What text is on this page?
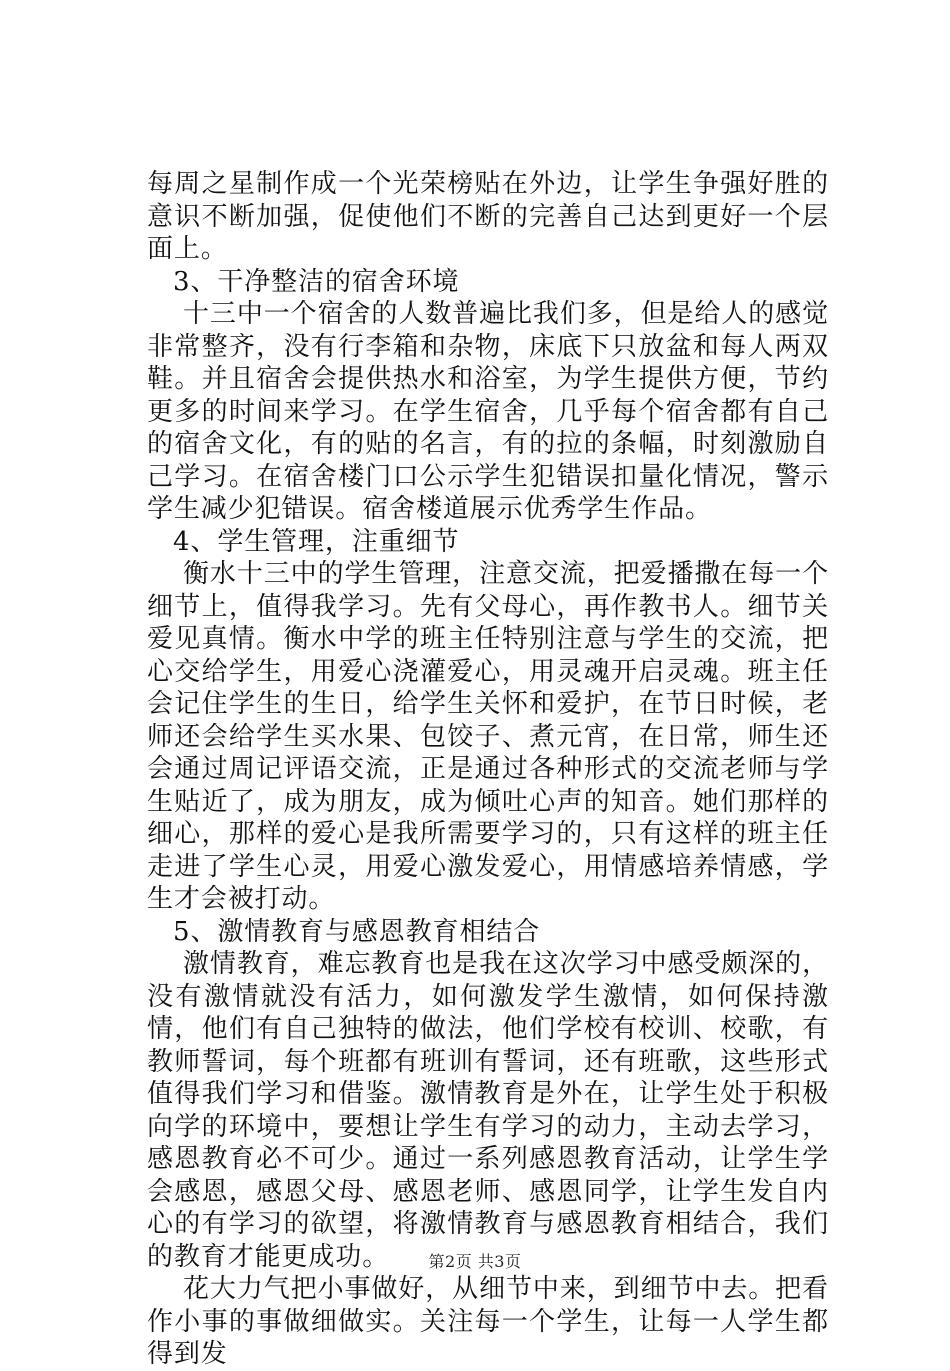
每周之星制作成一个光荣榜贴在外边，让学生争强好胜的意识不断加强，促使他们不断的完善自己达到更好一个层面上。

3、干净整洁的宿舍环境

十三中一个宿舍的人数普遍比我们多，但是给人的感觉非常整齐，没有行李箱和杂物，床底下只放盆和每人两双鞋。并且宿舍会提供热水和浴室，为学生提供方便，节约更多的时间来学习。在学生宿舍，几乎每个宿舍都有自己的宿舍文化，有的贴的名言，有的拉的条幅，时刻激励自己学习。在宿舍楼门口公示学生犯错误扣量化情况，警示学生减少犯错误。宿舍楼道展示优秀学生作品。

4、学生管理，注重细节

衡水十三中的学生管理，注意交流，把爱播撒在每一个细节上，值得我学习。先有父母心，再作教书人。细节关爱见真情。衡水中学的班主任特别注意与学生的交流，把心交给学生，用爱心浇灌爱心，用灵魂开启灵魂。班主任会记住学生的生日，给学生关怀和爱护，在节日时候，老师还会给学生买水果、包饺子、煮元宵，在日常，师生还会通过周记评语交流，正是通过各种形式的交流老师与学生贴近了，成为朋友，成为倾吐心声的知音。她们那样的细心，那样的爱心是我所需要学习的，只有这样的班主任走进了学生心灵，用爱心激发爱心，用情感培养情感，学生才会被打动。

5、激情教育与感恩教育相结合

激情教育，难忘教育也是我在这次学习中感受颇深的，没有激情就没有活力，如何激发学生激情，如何保持激情，他们有自己独特的做法，他们学校有校训、校歌，有教师誓词，每个班都有班训有誓词，还有班歌，这些形式值得我们学习和借鉴。激情教育是外在，让学生处于积极向学的环境中，要想让学生有学习的动力，主动去学习，感恩教育必不可少。通过一系列感恩教育活动，让学生学会感恩，感恩父母、感恩老师、感恩同学，让学生发自内心的有学习的欲望，将激情教育与感恩教育相结合，我们的教育才能更成功。

花大力气把小事做好，从细节中来，到细节中去。把看作小事的事做细做实。关注每一个学生，让每一人学生都得到发

第2页 共3页
